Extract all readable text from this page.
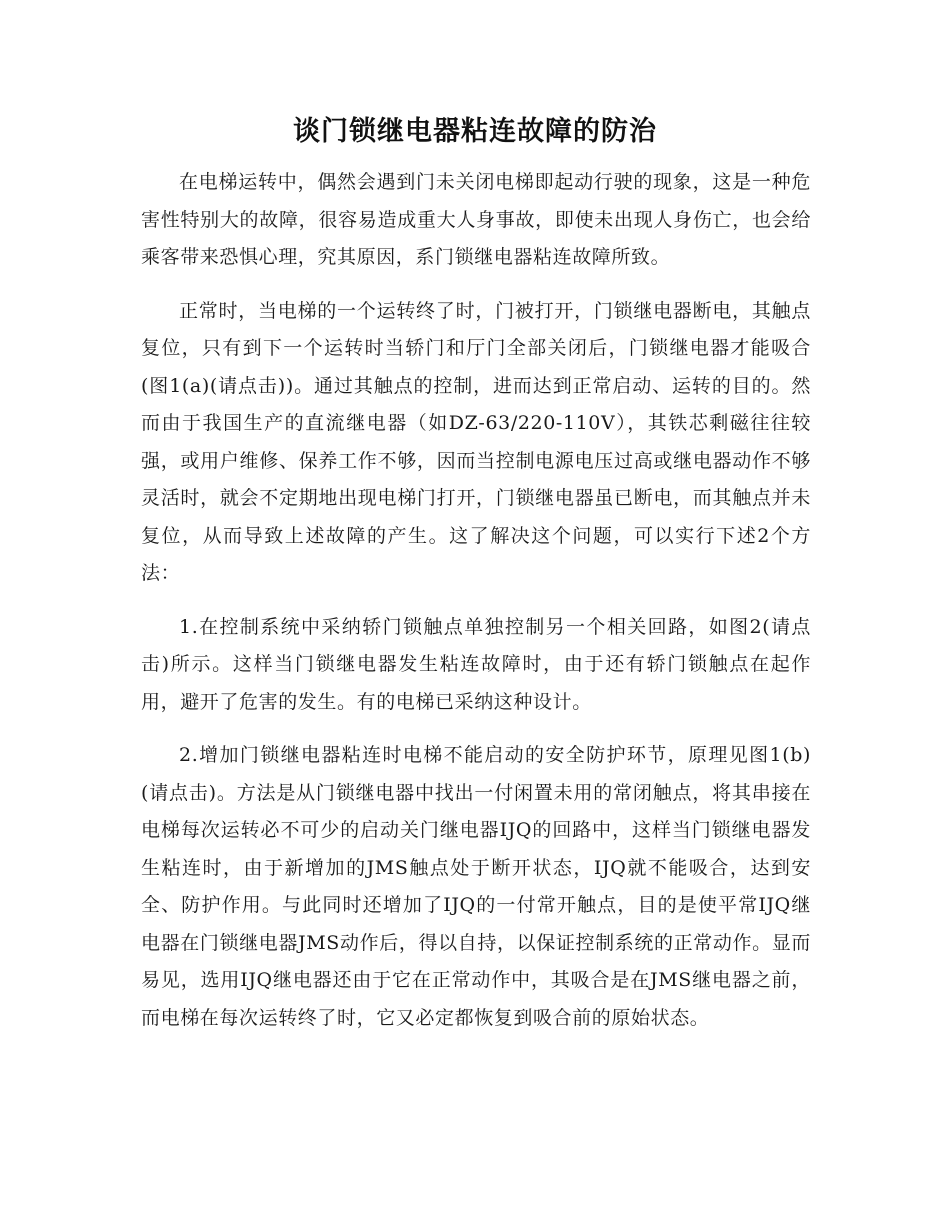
谈门锁继电器粘连故障的防治

在电梯运转中，偶然会遇到门未关闭电梯即起动行驶的现象，这是一种危害性特别大的故障，很容易造成重大人身事故，即使未出现人身伤亡，也会给乘客带来恐惧心理，究其原因，系门锁继电器粘连故障所致。

正常时，当电梯的一个运转终了时，门被打开，门锁继电器断电，其触点复位，只有到下一个运转时当轿门和厅门全部关闭后，门锁继电器才能吸合(图1(a)(请点击))。通过其触点的控制，进而达到正常启动、运转的目的。然而由于我国生产的直流继电器（如DZ-63/220-110V），其铁芯剩磁往往较强，或用户维修、保养工作不够，因而当控制电源电压过高或继电器动作不够灵活时，就会不定期地出现电梯门打开，门锁继电器虽已断电，而其触点并未复位，从而导致上述故障的产生。这了解决这个问题，可以实行下述2个方法：

1.在控制系统中采纳轿门锁触点单独控制另一个相关回路，如图2(请点击)所示。这样当门锁继电器发生粘连故障时，由于还有轿门锁触点在起作用，避开了危害的发生。有的电梯已采纳这种设计。

2.增加门锁继电器粘连时电梯不能启动的安全防护环节，原理见图1(b)(请点击)。方法是从门锁继电器中找出一付闲置未用的常闭触点，将其串接在电梯每次运转必不可少的启动关门继电器IJQ的回路中，这样当门锁继电器发生粘连时，由于新增加的JMS触点处于断开状态，IJQ就不能吸合，达到安全、防护作用。与此同时还增加了IJQ的一付常开触点，目的是使平常IJQ继电器在门锁继电器JMS动作后，得以自持，以保证控制系统的正常动作。显而易见，选用IJQ继电器还由于它在正常动作中，其吸合是在JMS继电器之前，而电梯在每次运转终了时，它又必定都恢复到吸合前的原始状态。
